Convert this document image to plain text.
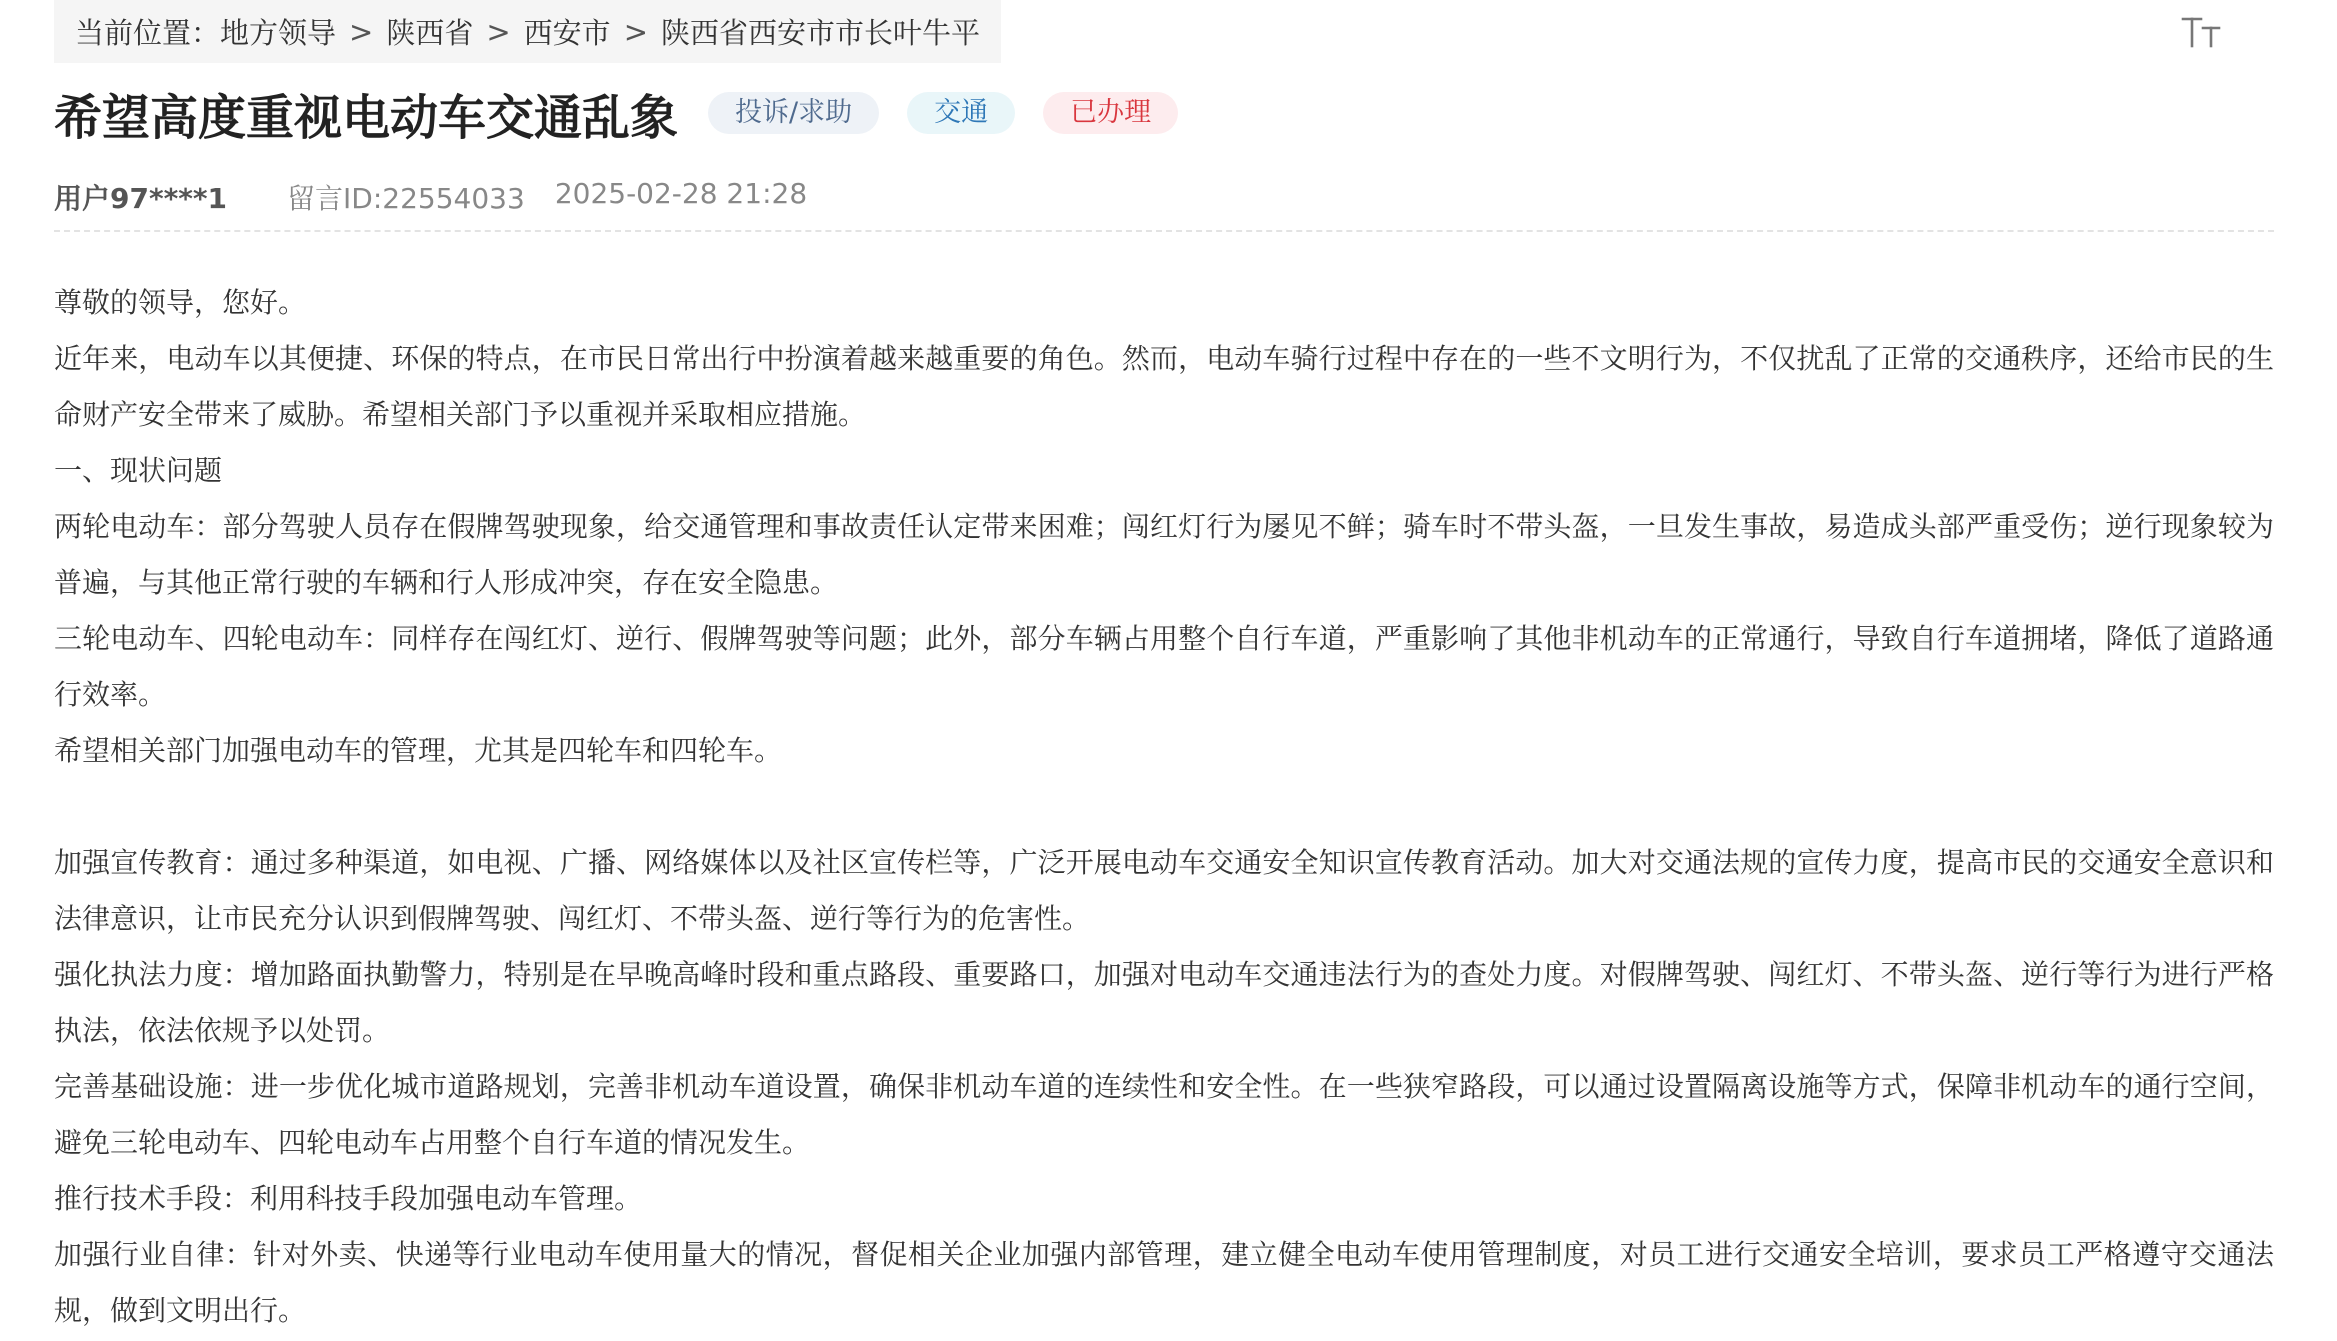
当前位置： 地方领导 > 陕西省 > 西安市 > 陕西省西安市市长叶牛平
希望高度重视电动车交通乱象	投诉/求助	交通	已办理
用户97****1 留言ID:22554033 2025-02-28 21:28

尊敬的领导，您好。

近年来，电动车以其便捷、环保的特点，在市民日常出行中扮演着越来越重要的角色。然而，电动车骑行过程中存在的一些不文明行为，不仅扰乱了正常的交通秩序，还给市民的生命财产安全带来了威胁。希望相关部门予以重视并采取相应措施。

一、现状问题

两轮电动车：部分驾驶人员存在假牌驾驶现象，给交通管理和事故责任认定带来困难；闯红灯行为屡见不鲜；骑车时不带头盔，一旦发生事故，易造成头部严重受伤；逆行现象较为普遍，与其他正常行驶的车辆和行人形成冲突，存在安全隐患。

三轮电动车、四轮电动车：同样存在闯红灯、逆行、假牌驾驶等问题；此外，部分车辆占用整个自行车道，严重影响了其他非机动车的正常通行，导致自行车道拥堵，降低了道路通行效率。

希望相关部门加强电动车的管理，尤其是四轮车和四轮车。

加强宣传教育：通过多种渠道，如电视、广播、网络媒体以及社区宣传栏等，广泛开展电动车交通安全知识宣传教育活动。加大对交通法规的宣传力度，提高市民的交通安全意识和法律意识，让市民充分认识到假牌驾驶、闯红灯、不带头盔、逆行等行为的危害性。

强化执法力度：增加路面执勤警力，特别是在早晚高峰时段和重点路段、重要路口，加强对电动车交通违法行为的查处力度。对假牌驾驶、闯红灯、不带头盔、逆行等行为进行严格执法，依法依规予以处罚。

完善基础设施：进一步优化城市道路规划，完善非机动车道设置，确保非机动车道的连续性和安全性。在一些狭窄路段，可以通过设置隔离设施等方式，保障非机动车的通行空间，避免三轮电动车、四轮电动车占用整个自行车道的情况发生。

推行技术手段：利用科技手段加强电动车管理。

加强行业自律：针对外卖、快递等行业电动车使用量大的情况，督促相关企业加强内部管理，建立健全电动车使用管理制度，对员工进行交通安全培训，要求员工严格遵守交通法规，做到文明出行。
